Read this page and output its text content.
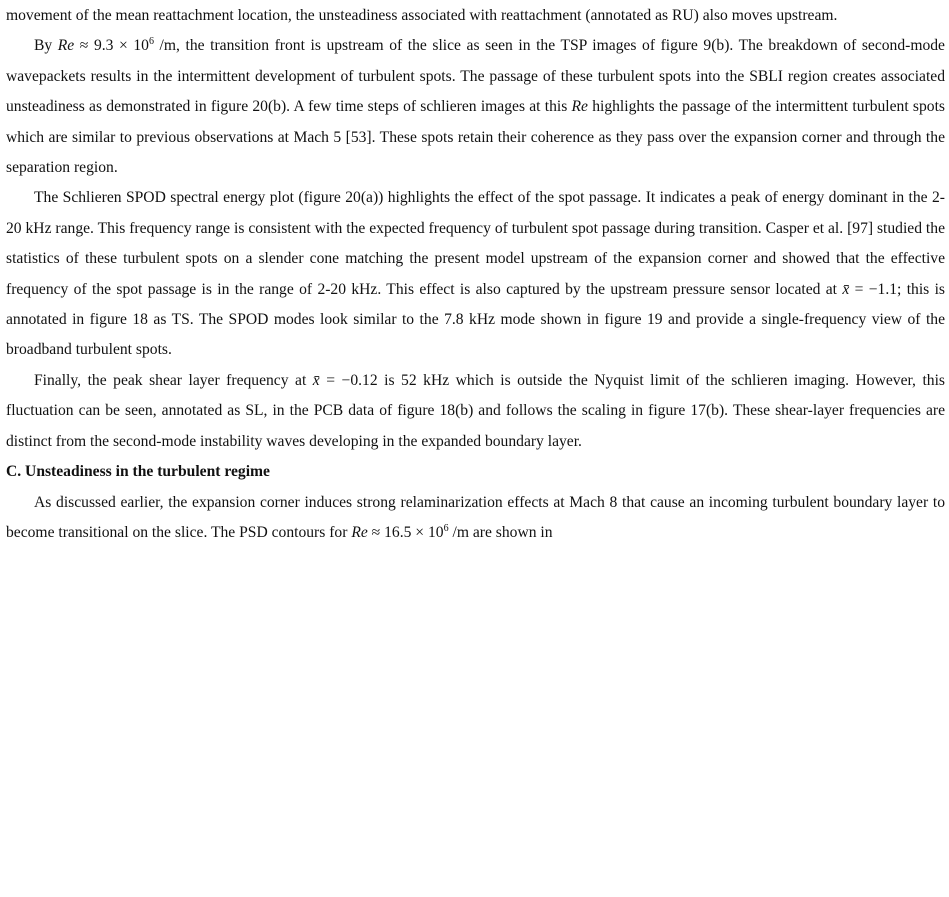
movement of the mean reattachment location, the unsteadiness associated with reattachment (annotated as RU) also moves upstream.

By $Re \approx 9.3 \times 10^6$ /m, the transition front is upstream of the slice as seen in the TSP images of figure 9(b). The breakdown of second-mode wavepackets results in the intermittent development of turbulent spots. The passage of these turbulent spots into the SBLI region creates associated unsteadiness as demonstrated in figure 20(b). A few time steps of schlieren images at this Re highlights the passage of the intermittent turbulent spots which are similar to previous observations at Mach 5 [53]. These spots retain their coherence as they pass over the expansion corner and through the separation region.

The Schlieren SPOD spectral energy plot (figure 20(a)) highlights the effect of the spot passage. It indicates a peak of energy dominant in the 2-20 kHz range. This frequency range is consistent with the expected frequency of turbulent spot passage during transition. Casper et al. [97] studied the statistics of these turbulent spots on a slender cone matching the present model upstream of the expansion corner and showed that the effective frequency of the spot passage is in the range of 2-20 kHz. This effect is also captured by the upstream pressure sensor located at x̄ = −1.1; this is annotated in figure 18 as TS. The SPOD modes look similar to the 7.8 kHz mode shown in figure 19 and provide a single-frequency view of the broadband turbulent spots.

Finally, the peak shear layer frequency at x̄ = −0.12 is 52 kHz which is outside the Nyquist limit of the schlieren imaging. However, this fluctuation can be seen, annotated as SL, in the PCB data of figure 18(b) and follows the scaling in figure 17(b). These shear-layer frequencies are distinct from the second-mode instability waves developing in the expanded boundary layer.

C. Unsteadiness in the turbulent regime

As discussed earlier, the expansion corner induces strong relaminarization effects at Mach 8 that cause an incoming turbulent boundary layer to become transitional on the slice. The PSD contours for $Re \approx 16.5 \times 10^6$ /m are shown in
